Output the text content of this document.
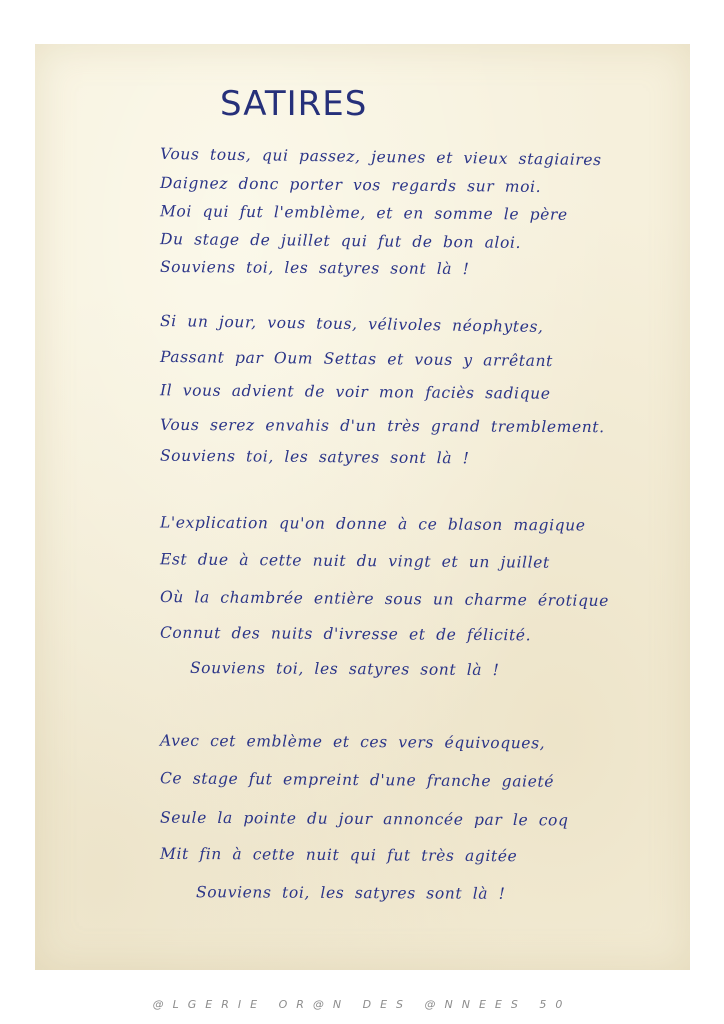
SATIRES
Vous tous, qui passez, jeunes et vieux stagiaires
Daignez donc porter vos regards sur moi.
Moi qui fut l'emblème, et en somme le père
Du stage de juillet qui fut de bon aloi.
Souviens toi, les satyres sont là !
Si un jour, vous tous, vélivoles néophytes,
Passant par Oum Settas et vous y arrêtant
Il vous advient de voir mon faciès sadique
Vous serez envahis d'un très grand tremblement.
Souviens toi, les satyres sont là !
L'explication qu'on donne à ce blason magique
Est due à cette nuit du vingt et un juillet
Où la chambrée entière sous un charme érotique
Connut des nuits d'ivresse et de félicité.
Souviens toi, les satyres sont là !
Avec cet emblème et ces vers équivoques,
Ce stage fut empreint d'une franche gaieté
Seule la pointe du jour annoncée par le coq
Mit fin à cette nuit qui fut très agitée
Souviens toi, les satyres sont là !
@LGERIE OR@N DES @NNEES 50
